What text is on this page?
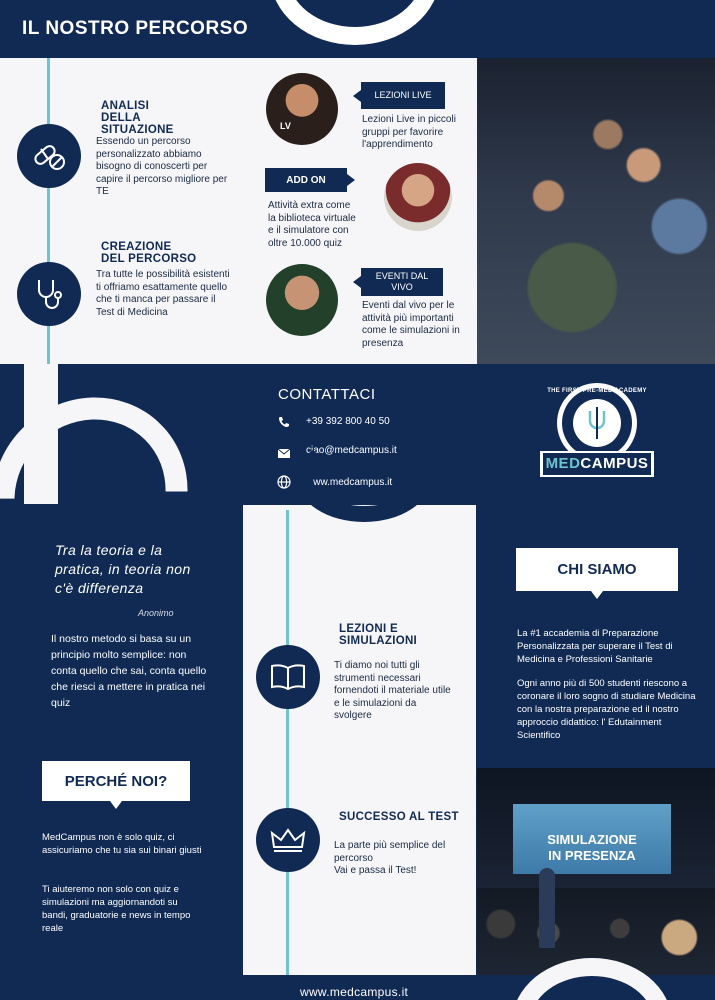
IL NOSTRO PERCORSO
ANALISI
DELLA
SITUAZIONE
Essendo un percorso personalizzato abbiamo bisogno di conoscerti per capire il percorso migliore per TE
CREAZIONE
DEL PERCORSO
Tra tutte le possibilità esistenti ti offriamo esattamente quello che ti manca per passare il Test di Medicina
LV
LEZIONI LIVE
Lezioni Live in piccoli gruppi per favorire l'apprendimento
ADD ON
Attività extra come la biblioteca virtuale e il simulatore con oltre 10.000 quiz
EVENTI DAL
VIVO
Eventi dal vivo per le attività più importanti come le simulazioni in presenza
CONTATTACI
+39 392 800 40 50
ciao@medcampus.it
www.medcampus.it
THE FIRST PRE-MED ACADEMY
MEDCAMPUS
LEZIONI E
SIMULAZIONI
Ti diamo noi tutti gli strumenti necessari fornendoti il materiale utile e le simulazioni da svolgere
SUCCESSO AL TEST
La parte più semplice del percorso
Vai e passa il Test!
Tra la teoria e la pratica, in teoria non c'è differenza
Anonimo
Il nostro metodo si basa su un principio molto semplice: non conta quello che sai, conta quello che riesci a mettere in pratica nei quiz
PERCHÉ NOI?
MedCampus non è solo quiz, ci assicuriamo che tu sia sui binari giusti
Ti aiuteremo non solo con quiz e simulazioni ma aggiornandoti su bandi, graduatorie e news in tempo reale
CHI SIAMO
La #1 accademia di Preparazione Personalizzata per superare il Test di Medicina e Professioni Sanitarie
Ogni anno più di 500 studenti riescono a coronare il loro sogno di studiare Medicina con la nostra preparazione ed il nostro approccio didattico: l' Edutainment Scientifico
SIMULAZIONE
IN PRESENZA
www.medcampus.it
